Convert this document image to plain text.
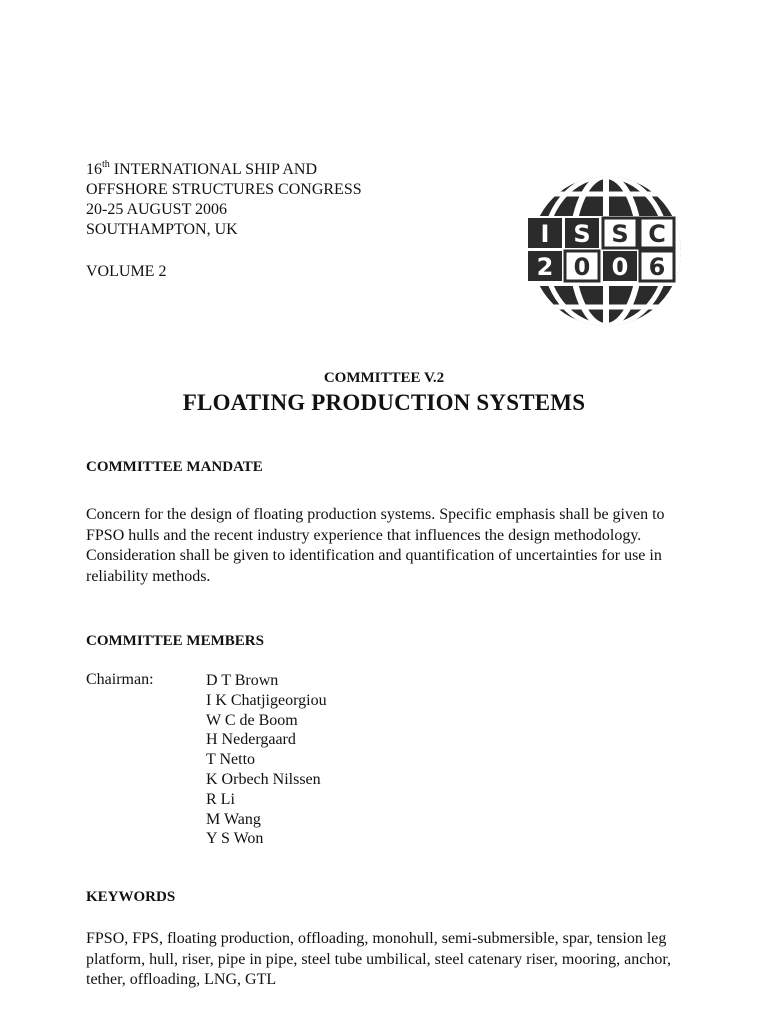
16th INTERNATIONAL SHIP AND
OFFSHORE STRUCTURES CONGRESS
20-25 AUGUST 2006
SOUTHAMPTON, UK
VOLUME 2
I S S C
2 0 0 6
COMMITTEE V.2
FLOATING PRODUCTION SYSTEMS
COMMITTEE MANDATE
Concern for the design of floating production systems. Specific emphasis shall be given to FPSO hulls and the recent industry experience that influences the design methodology. Consideration shall be given to identification and quantification of uncertainties for use in reliability methods.
COMMITTEE MEMBERS
Chairman:	D T Brown
I K Chatjigeorgiou
W C de Boom
H Nedergaard
T Netto
K Orbech Nilssen
R Li
M Wang
Y S Won
KEYWORDS
FPSO, FPS, floating production, offloading, monohull, semi-submersible, spar, tension leg platform, hull, riser, pipe in pipe, steel tube umbilical, steel catenary riser, mooring, anchor, tether, offloading, LNG, GTL
